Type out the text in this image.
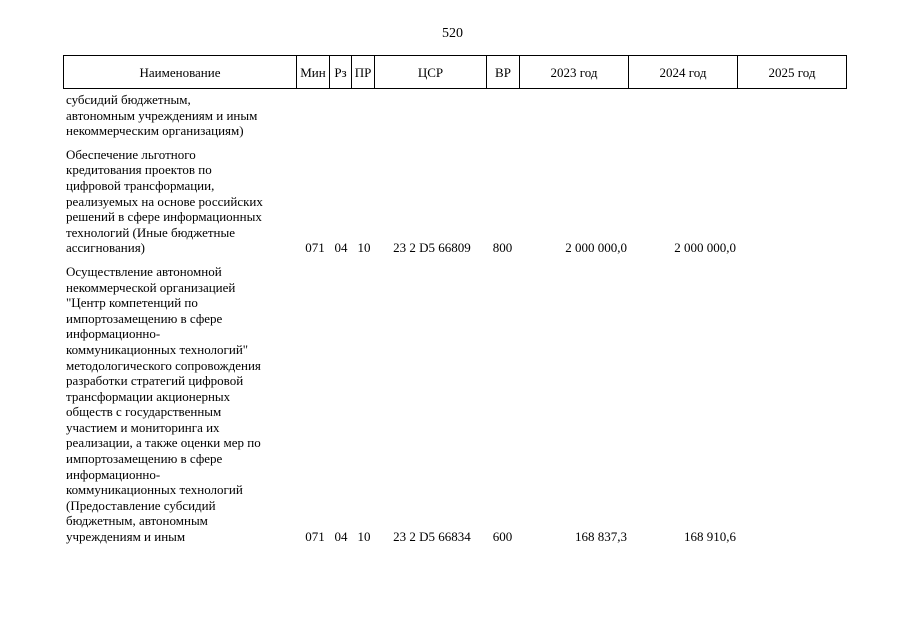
520
Наименование	Мин Рз ПР	ЦСР	ВР	2023 год	2024 год	2025 год
субсидий бюджетным,
автономным учреждениям и иным
некоммерческим организациям)
Обеспечение льготного
кредитования проектов по
цифровой трансформации,
реализуемых на основе российских
решений в сфере информационных
технологий (Иные бюджетные
ассигнования)	071 04 10	23 2 D5 66809	800	2 000 000,0	2 000 000,0
Осуществление автономной
некоммерческой организацией
"Центр компетенций по
импортозамещению в сфере
информационно-
коммуникационных технологий"
методологического сопровождения
разработки стратегий цифровой
трансформации акционерных
обществ с государственным
участием и мониторинга их
реализации, а также оценки мер по
импортозамещению в сфере
информационно-
коммуникационных технологий
(Предоставление субсидий
бюджетным, автономным
учреждениям и иным	071 04 10	23 2 D5 66834	600	168 837,3	168 910,6
